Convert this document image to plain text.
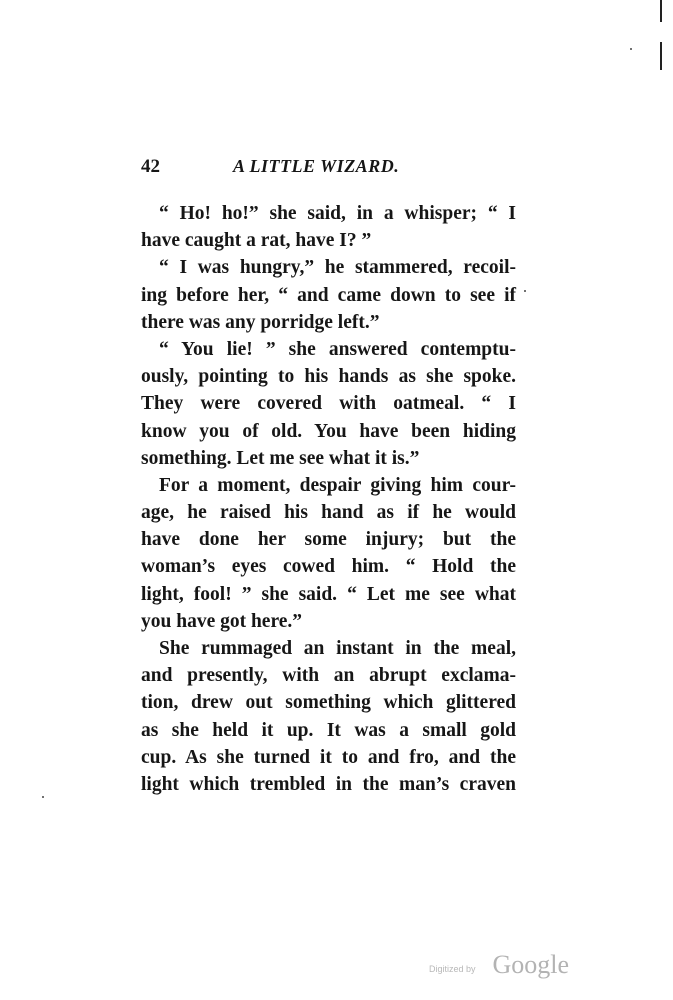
42	A LITTLE WIZARD.
“ Ho! ho!” she said, in a whisper; “ I
have caught a rat, have I? ”
“ I was hungry,” he stammered, recoil-
ing before her, “ and came down to see if
there was any porridge left.”
“ You lie! ” she answered contemptu-
ously, pointing to his hands as she spoke.
They were covered with oatmeal. “ I
know you of old. You have been hiding
something. Let me see what it is.”
For a moment, despair giving him cour-
age, he raised his hand as if he would
have done her some injury; but the
woman’s eyes cowed him. “ Hold the
light, fool! ” she said. “ Let me see what
you have got here.”
She rummaged an instant in the meal,
and presently, with an abrupt exclama-
tion, drew out something which glittered
as she held it up. It was a small gold
cup. As she turned it to and fro, and the
light which trembled in the man’s craven
Digitized by Google
